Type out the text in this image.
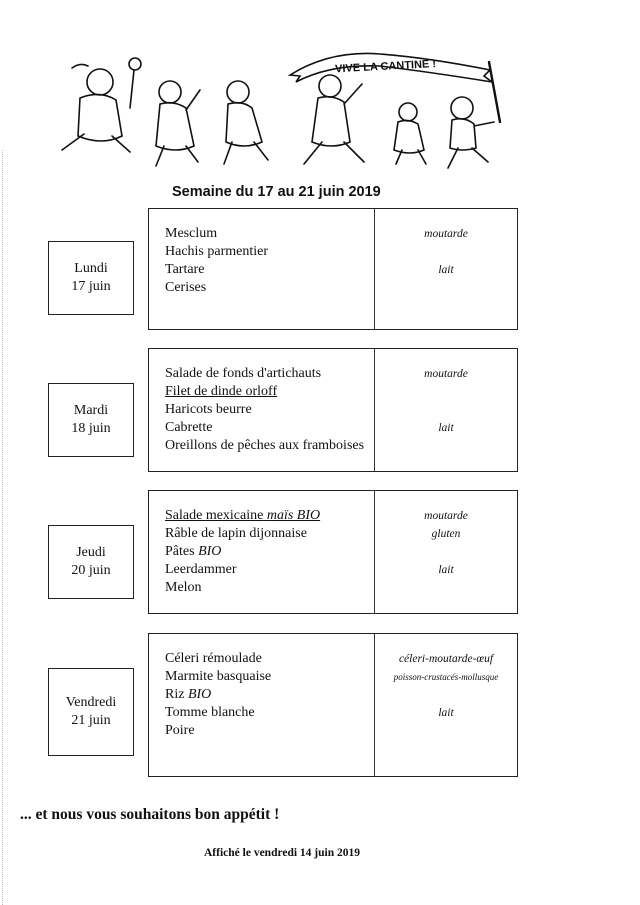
VIVE LA CANTINE !
Semaine du 17 au 21 juin 2019
Lundi
17 juin
Mesclum
Hachis parmentier
Tartare
Cerises
moutarde

lait
Mardi
18 juin
Salade de fonds d'artichauts
Filet de dinde orloff
Haricots beurre
Cabrette
Oreillons de pêches aux framboises
moutarde

lait
Jeudi
20 juin
Salade mexicaine maïs BIO
Râble de lapin dijonnaise
Pâtes BIO
Leerdammer
Melon
moutarde
gluten

lait
Vendredi
21 juin
Céleri rémoulade
Marmite basquaise
Riz BIO
Tomme blanche
Poire
céleri-moutarde-œuf
poisson-crustacés-mollusque

lait
... et nous vous souhaitons bon appétit !
Affiché le vendredi 14 juin 2019
